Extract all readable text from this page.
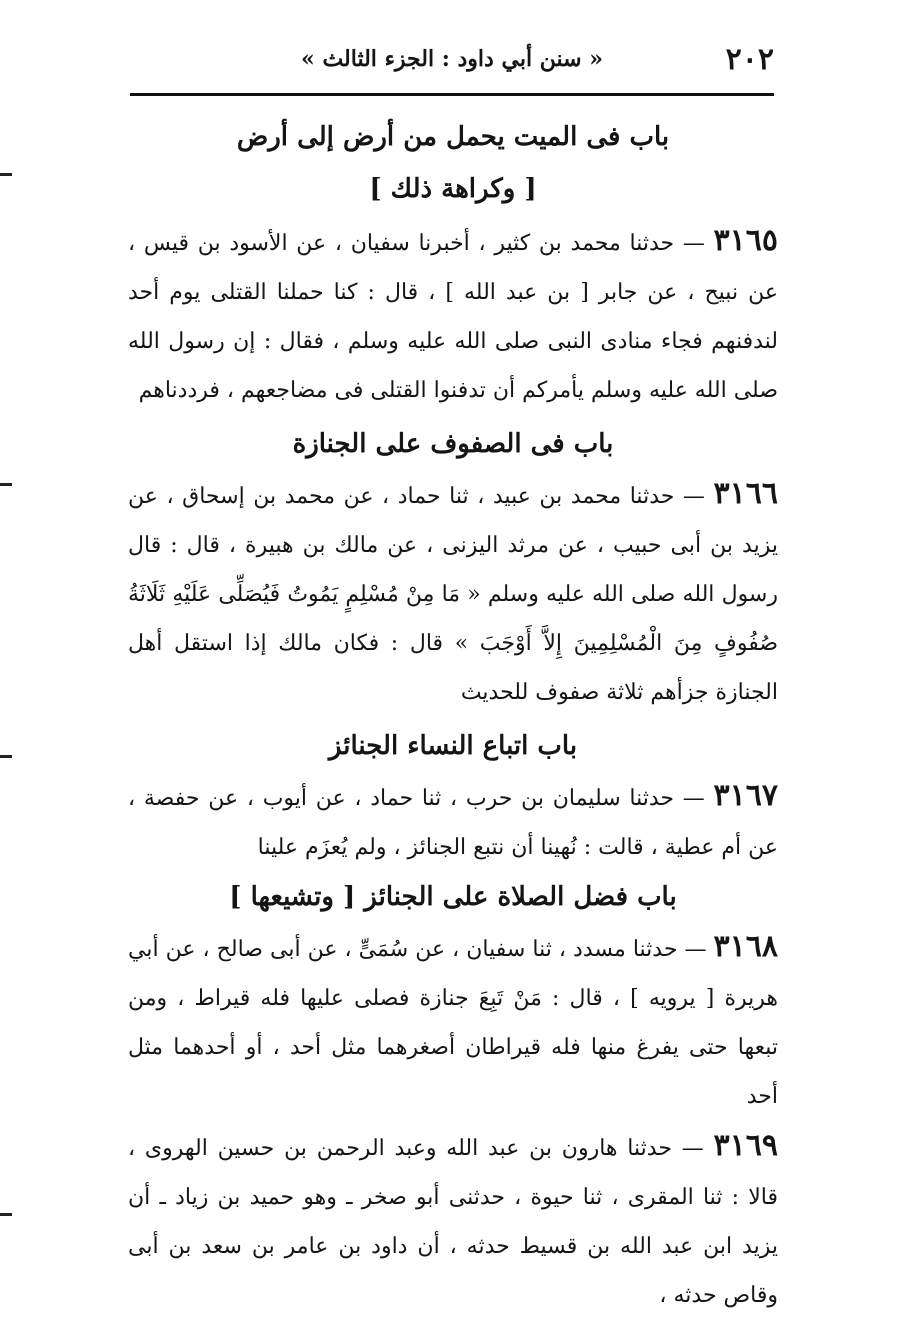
٢٠٢
« سنن أبي داود : الجزء الثالث »

باب فى الميت يحمل من أرض إلى أرض

[ وكراهة ذلك ]

٣١٦٥ — حدثنا محمد بن كثير ، أخبرنا سفيان ، عن الأسود بن قيس ، عن نبيح ، عن جابر [ بن عبد الله ] ، قال : كنا حملنا القتلى يوم أحد لندفنهم فجاء منادى النبى صلى الله عليه وسلم ، فقال : إن رسول الله صلى الله عليه وسلم يأمركم أن تدفنوا القتلى فى مضاجعهم ، فرددناهم

باب فى الصفوف على الجنازة

٣١٦٦ — حدثنا محمد بن عبيد ، ثنا حماد ، عن محمد بن إسحاق ، عن يزيد بن أبى حبيب ، عن مرثد اليزنى ، عن مالك بن هبيرة ، قال : قال رسول الله صلى الله عليه وسلم « مَا مِنْ مُسْلِمٍ يَمُوتُ فَيُصَلِّى عَلَيْهِ ثَلَاثَةُ صُفُوفٍ مِنَ الْمُسْلِمِينَ إِلاَّ أَوْجَبَ » قال : فكان مالك إذا استقل أهل الجنازة جزأهم ثلاثة صفوف للحديث

باب اتباع النساء الجنائز

٣١٦٧ — حدثنا سليمان بن حرب ، ثنا حماد ، عن أيوب ، عن حفصة ، عن أم عطية ، قالت : نُهينا أن نتبع الجنائز ، ولم يُعزَم علينا

باب فضل الصلاة على الجنائز [ وتشيعها ]

٣١٦٨ — حدثنا مسدد ، ثنا سفيان ، عن سُمَىٍّ ، عن أبى صالح ، عن أبي هريرة [ يرويه ] ، قال : مَنْ تَبِعَ جنازة فصلى عليها فله قيراط ، ومن تبعها حتى يفرغ منها فله قيراطان أصغرهما مثل أحد ، أو أحدهما مثل أحد

٣١٦٩ — حدثنا هارون بن عبد الله وعبد الرحمن بن حسين الهروى ، قالا : ثنا المقرى ، ثنا حيوة ، حدثنى أبو صخر ـ وهو حميد بن زياد ـ أن يزيد ابن عبد الله بن قسيط حدثه ، أن داود بن عامر بن سعد بن أبى وقاص حدثه ،
